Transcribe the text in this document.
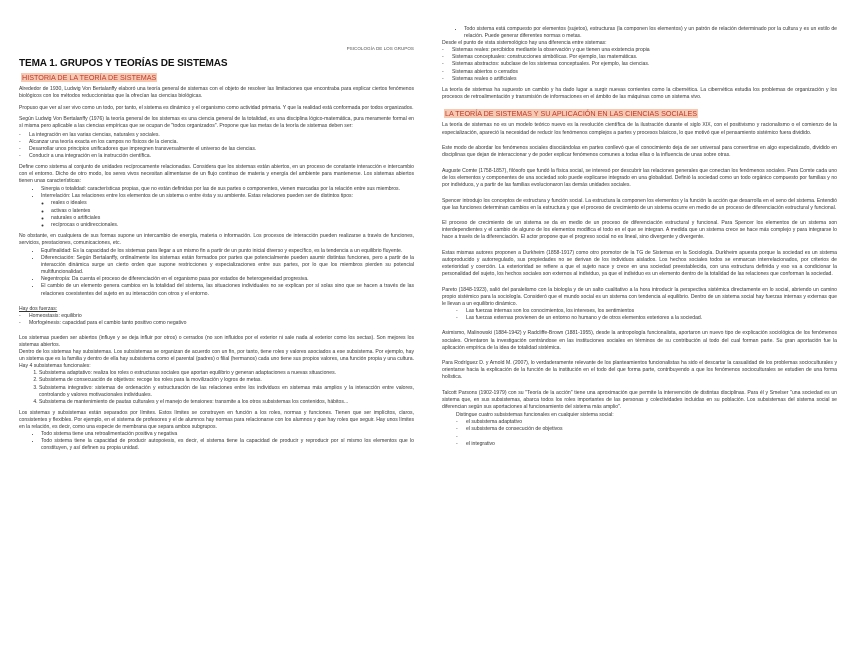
PSICOLOGÍA DE LOS GRUPOS
TEMA 1. GRUPOS Y TEORÍAS DE SISTEMAS
HISTORIA DE LA TEORÍA DE SISTEMAS

Alrededor de 1930, Ludwig Von Bertalanffy elaboró una teoría general de sistemas con el objeto de resolver las limitaciones que encontraba para explicar ciertos fenómenos biológicos con los métodos reduccionistas que la ofrecían las ciencias biológicas.

Propuso que ver al ser vivo como un todo, por tanto, el sistema es dinámico y el organismo como actividad primaria. Y que la realidad está conformada por todos organizados.

Según Ludwig Von Bertalanffy (1976) la teoría general de los sistemas es una ciencia general de la totalidad, es una disciplina lógico-matemática, pura meramente formal en sí misma pero aplicable a las ciencias empíricas que se ocupan de "todos organizados". Propone que las metas de la teoría de sistemas deben ser:

- La integración en las varias ciencias, naturales y sociales.
- Alcanzar una teoría exacta en los campos no físicos de la ciencia.
- Desarrollar unos principios unificadores que impregnen transversalmente el universo de las ciencias.
- Conducir a una integración en la instrucción científica.

Define como sistema al conjunto de unidades recíprocamente relacionadas. Considera que los sistemas están abiertos, en un proceso de constante interacción e intercambio con el entorno. Dicho de otro modo, los seres vivos necesitan alimentarse de un flujo continuo de materia y energía del ambiente para mantenerse. Los sistemas abiertos tienen unas características:

• Sinergia o totalidad: características propias, que no están definidas por las de sus partes o componentes, vienen marcadas por la relación entre sus miembros.
• Interrelación: Las relaciones entre los elementos de un sistema o entre ésta y su ambiente. Estas relaciones pueden ser de distintos tipos:
◦ reales o ideales
◦ activas o latentes
◦ naturales o artificiales
◦ recíprocas o unidireccionales.

No obstante, en cualquiera de sus formas supone un intercambio de energía, materia o información. Los procesos de interacción pueden realizarse a través de funciones, servicios, prestaciones, comunicaciones, etc.

• Equifinalidad: Es la capacidad de los sistemas para llegar a un mismo fin a partir de un punto inicial diverso y específico, es la tendencia a un equilibrio fluyente.
• Diferenciación: Según Bertalanffy, ordinalmente los sistemas están formados por partes que potencialmente pueden asumir distintas funciones, pero a partir de la interacción dinámica surge un cierto orden que supone restricciones y especializaciones entre sus partes, por lo que los miembros pierden su potencial multifuncionalidad.
• Negentropía: Da cuenta el proceso de diferenciación en el organismo pasa por estados de heterogeneidad progresiva.
• El cambio de un elemento genera cambios en la totalidad del sistema, las situaciones individuales no se explican por sí solas sino que se hacen a través de las relaciones coexistentes del sujeto en su interacción con otros y el entorno.

Hay dos fuerzas:

- Homeostasis: equilibrio
- Morfogénesis: capacidad para el cambio tanto positivo como negativo

Los sistemas pueden ser abiertos (influye y se deja influir por otros) o cerrados (no son influidos por el exterior ni sale nada al exterior como los sectas). Son mejores los sistemas abiertos.

Dentro de los sistemas hay subsistemas. Los subsistemas se organizan de acuerdo con un fin, por tanto, tiene roles y valores asociados a ese subsistema. Por ejemplo, hay un sistema que es la familia y dentro de ella hay subsistema como el parental (padres) o filial (hermanos) cada uno tiene sus propios valores, una función propia y una cultura. Hay 4 subsistemas funcionales:

1. Subsistema adaptativo: realiza los roles o estructuras sociales que aportan equilibrio y generan adaptaciones a nuevas situaciones.
2. Subsistema de consecuación de objetivos: recoge los roles para la movilización y logros de metas.
3. Subsistema integrativo: sistemas de ordenación y estructuración de las relaciones entre los individuos en sistemas más amplios y la interacción entre valores, controlando y valores motivacionales individuales.
4. Subsistema de mantenimiento de pautas culturales y el manejo de tensiones: transmite a los otros subsistemas los contenidos, hábitos...

Los sistemas y subsistemas están separados por límites. Estos límites se construyen en función a los roles, normas y funciones. Tienen que ser implícitos, claros, consistentes y flexibles. Por ejemplo, en el sistema de profesores y el de alumnos hay normas para relacionarse con los alumnos y que hay roles que seguir. Hay unos límites en la relación, es decir, como una especie de membrana que separa ambos subgrupos.

• Todo sistema tiene una retroalimentación positiva y negativa
• Todo sistema tiene la capacidad de producir autopoiesis, es decir, el sistema tiene la capacidad de producir y reproducir por sí mismo los elementos que lo constituyen, y así definen su propia unidad.
• Todo sistema está compuesto por elementos (sujetos), estructuras (la componen los elementos) y un patrón de relación determinado por la cultura y es un estilo de relación. Puede generar diferentes normas o metas.

Desde el punto de vista sistemológico hay una diferencia entre sistemas:

- Sistemas reales: percibidos mediante la observación y que tienen una existencia propia
- Sistemas conceptuales: construcciones simbólicas. Por ejemplo, las matemáticas.
- Sistemas abstractos: subclase de los sistemas conceptuales. Por ejemplo, las ciencias.
- Sistemas abiertos o cerrados
- Sistemas reales o artificiales

La teoría de sistemas ha supuesto un cambio y ha dado lugar a surgir nuevas corrientes como la cibernética. La cibernética estudia los problemas de organización y los procesos de retroalimentación y transmisión de informaciones en el ámbito de las máquinas como un sistema vivo.

LA TEORÍA DE SISTEMAS Y SU APLICACIÓN EN LAS CIENCIAS SOCIALES

La teoría de sistemas no es un modelo teórico nuevo es la revolución científica de la ilustración durante el siglo XIX, con el positivismo y racionalismo o el comienzo de la especialización, apareció la necesidad de reducir los fenómenos complejos a partes y procesos básicos, lo que motivó que el pensamiento sistémico fuera dividido.

Este modo de abordar los fenómenos sociales disociándolas en partes conllevó que el conocimiento deja de ser universal para convertirse en algo especializado, dividido en disciplinas que dejan de interaccionar y de poder explicar fenómenos comunes a todas ellas o la influencia de unas sobre otras.

Auguste Comte (1758-1857), filósofo que fundó la física social, se interesó por descubrir las relaciones generales que conectan los fenómenos sociales. Para Comte cada uno de los elementos y componentes de una sociedad solo puede explicarse integrado en una globalidad. Definió la sociedad como un todo orgánico compuesto por familias y no por individuos, y a partir de las familias evolucionaron las demás unidades sociales.

Spencer introdujo los conceptos de estructura y función social. La estructura la componen los elementos y la función la acción que desarrolla en el seno del sistema. Entendió que las funciones determinan cambios en la estructura y que el proceso de crecimiento de un sistema ocurre en medio de un proceso de diferenciación estructural y funcional.

El proceso de crecimiento de un sistema se da en medio de un proceso de diferenciación estructural y funcional. Para Spencer los elementos de un sistema son interdependientes y el cambio de alguno de los elementos modifica el todo en el que se integran. A medida que un sistema crece se hace más complejo y para integrarse lo hace a través de la diferenciación. El actor propone que el progreso social no es lineal, sino divergente y divergente.

Estas mismas autores proponen a Durkheim (1858-1917) como otro promotor de la TG de Sistemas en la Sociología. Durkheim apuesta porque la sociedad es un sistema autoproducido y autorregulado, sus propiedades no se derivan de los individuos aislados. Los hechos sociales todos se enmarcan interrelacionados, por criterios de exterioridad y coerción. La exterioridad se refiere a que el sujeto nace y crece en una sociedad preestablecida, con una estructura definida y eso va a condicionar la personalidad del sujeto, los hechos sociales son externos al individuo, ya que el individuo es un elemento dentro de la totalidad de las relaciones que conforman la sociedad.

Pareto (1848-1923), salió del paralelismo con la biología y de un salto cualitativo a la hora introducir la perspectiva sistémica directamente en lo social, abriendo un camino propio sistémico para la sociología. Consideró que el mundo social es un sistema con tendencia al equilibrio. Dentro de un sistema social hay fuerzas internas y externas que le llevan a un equilibrio dinámico.

- Las fuerzas internas son los conocimientos, los intereses, los sentimientos
- Las fuerzas externas provienen de un entorno no humano y de otros elementos exteriores a la sociedad.

Asimismo, Malinowski (1884-1942) y Radcliffe-Brown (1881-1955), desde la antropología funcionalista, aportaron un nuevo tipo de explicación sociológica de los fenómenos sociales. Orientaron la investigación centrándose en las instituciones sociales en términos de su contribución al todo del cual forman parte. Su gran aportación fue la aplicación empírica de la idea de totalidad sistémica.

Para Rodríguez D. y Arnold M. (2007), lo verdaderamente relevante de los planteamientos funcionalistas ha sido el descartar la casualidad de los problemas socioculturales y orientarse hacia la explicación de la función de la institución en el todo del que forma parte, contribuyendo a que los fenómenos socioculturales se estudien de una forma holística.

Talcott Parsons (1902-1979) con su "Teoría de la acción" tiene una aproximación que permite la intervención de distintas disciplinas. Para él y Smelser "una sociedad es un sistema que, en sus subsistemas, abarca todos los roles importantes de las personas y colectividades incluidas en su población. Los subsistemas del sistema social se diferencian según sus aportaciones al funcionamiento del sistema más amplio".

Distingue cuatro subsistemas funcionales en cualquier sistema social:

- el subsistema adaptativo
- el subsistema de consecución de objetivos
-
- el integrativo
